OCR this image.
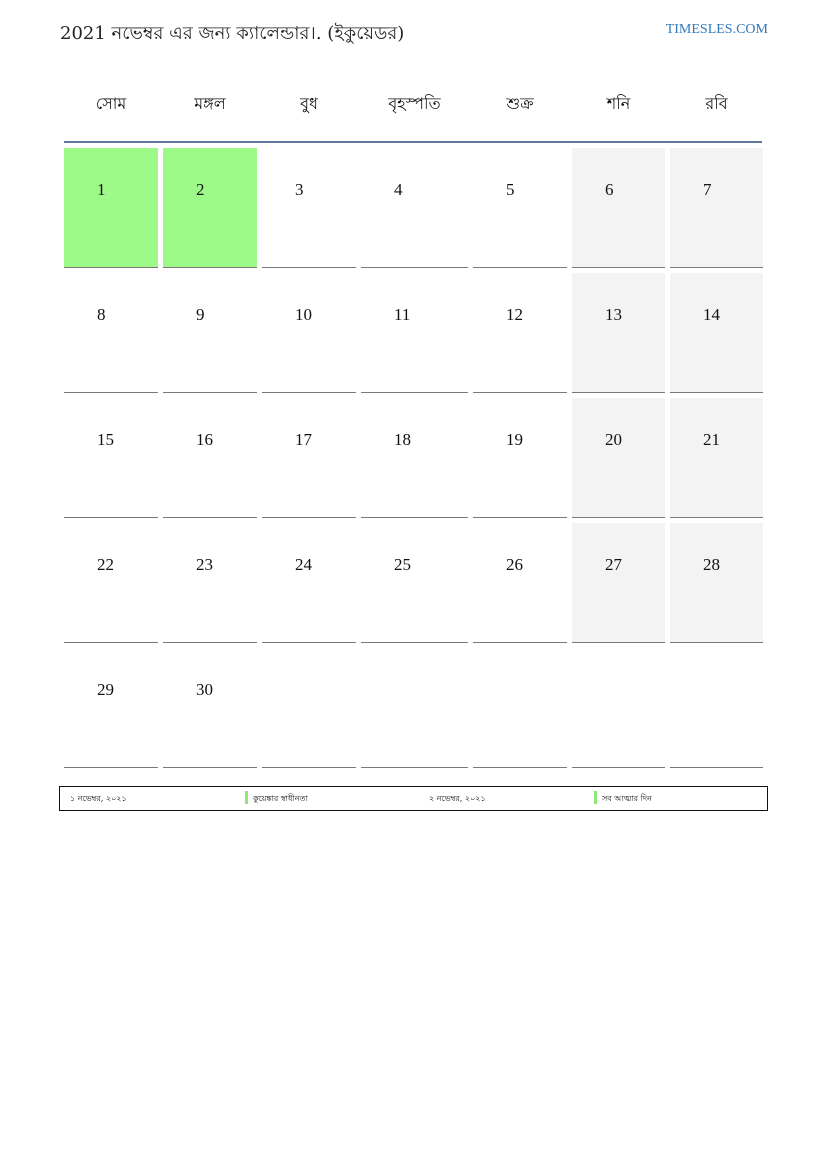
2021 নভেম্বর এর জন্য ক্যালেন্ডার।. (ইকুয়েডর)	TIMESLES.COM
সোম	মঙ্গল	বুধ	বৃহস্পতি	শুক্র	শনি	রবি
1	2	3	4	5	6	7
8	9	10	11	12	13	14
15	16	17	18	19	20	21
22	23	24	25	26	27	28
29	30
১ নভেম্বর, ২০২১	কুয়েঙ্কার স্বাধীনতা	২ নভেম্বর, ২০২১	সব আত্মার দিন
